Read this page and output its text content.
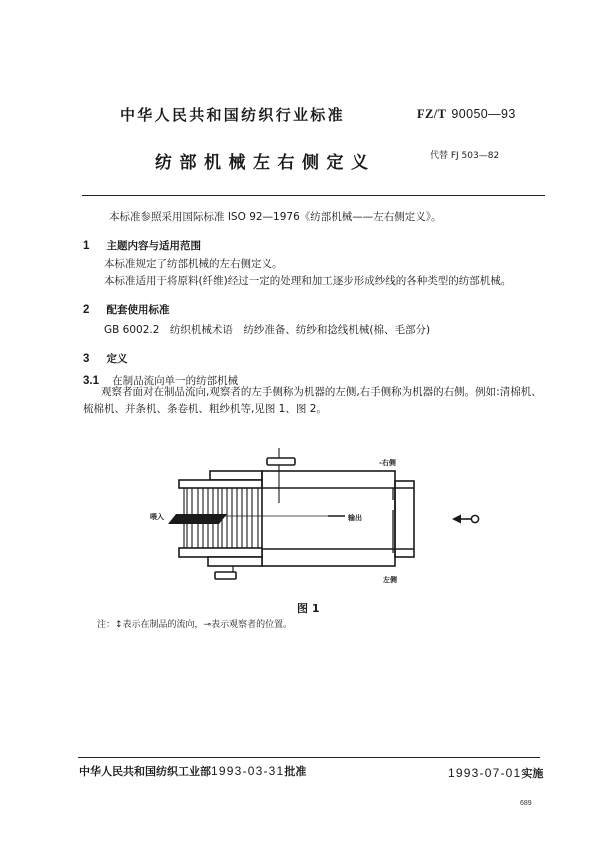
中华人民共和国纺织行业标准	FZ/T 90050—93
纺部机械左右侧定义	代替 FJ 503—82
本标准参照采用国际标准 ISO 92—1976《纺部机械——左右侧定义》。
1 主题内容与适用范围
本标准规定了纺部机械的左右侧定义。
本标准适用于将原料(纤维)经过一定的处理和加工逐步形成纱线的各种类型的纺部机械。
2 配套使用标准
GB 6002.2　纺织机械术语　纺纱准备、纺纱和捻线机械(棉、毛部分)
3 定义
3.1 在制品流向单一的纺部机械
观察者面对在制品流向,观察者的左手侧称为机器的左侧,右手侧称为机器的右侧。例如:清棉机、
梳棉机、并条机、条卷机、粗纱机等,见图 1、图 2。
-右侧
左侧
喂入	输出
图 1
注：↕表示在制品的流向，⊸表示观察者的位置。
中华人民共和国纺织工业部1993-03-31批准	1993-07-01实施
689
